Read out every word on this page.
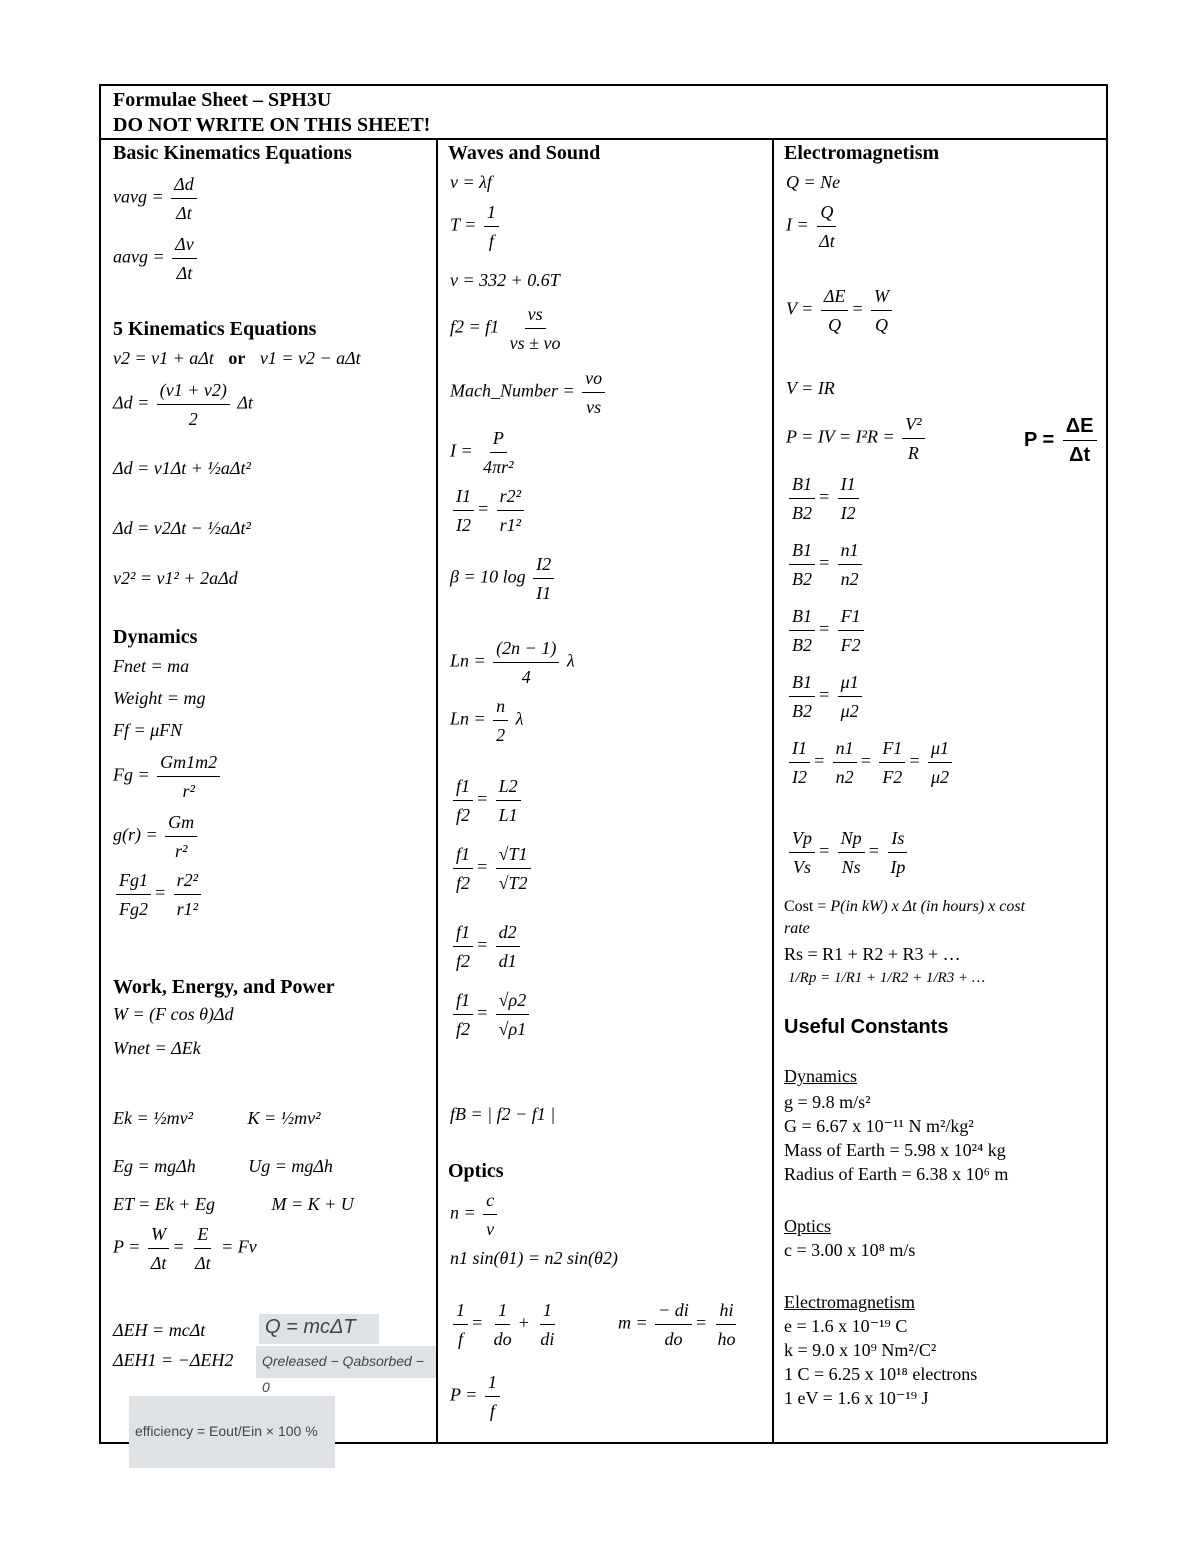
Formulae Sheet – SPH3U
DO NOT WRITE ON THIS SHEET!
Basic Kinematics Equations
vavg = $\frac{\Delta d}{\Delta t}$
aavg = $\frac{\Delta v}{\Delta t}$
5 Kinematics Equations
v2 = v1 + aΔt or v1 = v2 − aΔt
$\Delta d = \frac{(v1 + v2)}{2}$ Δt
Δd = v1Δt + ½aΔt²
Δd = v2Δt − ½aΔt²
v2² = v1² + 2aΔd
Dynamics
Fnet = ma
Weight = mg
Ff = μFN
$Fg = \frac{Gm1m2}{\text{r²}}$
$g(r) = \frac{Gm}{\text{r²}}$
$\frac{Fg1}{Fg2} = \frac{\text{r2²}}{\text{r1²}}$
Work, Energy, and Power
W = (F cos θ)Δd
Wnet = ΔEk
Ek = ½mv²	K = ½mv²
Eg = mgΔh	Ug = mgΔh
ET = Ek + Eg	M = K + U
$P = \frac{W}{\Delta t} = \frac{E}{\Delta t} = Fv$
ΔEH = mcΔt	Q = mcΔT
ΔEH1 = −ΔEH2	Qreleased − Qabsorbed − 0
efficiency = Eout/Ein × 100 %
Waves and Sound
v = λf
$T = \frac{1}{f}$
v = 332 + 0.6T
$f2 = f1 \frac{vs}{vs \pm vo}$
Mach_Number = $\frac{vo}{vs}$
$I = \frac{P}{\text{4πr²}}$
$\frac{I1}{I2} = \frac{\text{r2²}}{\text{r1²}}$
β = 10 $\log \frac{I2}{I1}$
$Ln = \frac{(2n - 1)}{4}$ λ
$Ln = \frac{n}{2}$ λ
$\frac{f1}{f2} = \frac{L2}{L1}$
$\frac{f1}{f2} = \frac{√T1}{√T2}$
$\frac{f1}{f2} = \frac{d2}{d1}$
$\frac{f1}{f2} = \frac{√\rho 2}{√\rho 1}$
fB = | f2 − f1 |
Optics
$n = \frac{c}{v}$
n1 sin(θ1) = n2 sin(θ2)
$\frac{1}{f} = \frac{1}{do} + \frac{1}{di}$	$m = \frac{- di}{do} = \frac{hi}{ho}$
$P = \frac{1}{f}$
Electromagnetism
Q = Ne
$I = \frac{Q}{\Delta t}$
$V = \frac{\Delta E}{Q} = \frac{W}{Q}$
V = IR
P = IV = $I^2R = \frac{\text{V²}}{R}$	$P = \frac{\Delta E}{\Delta t}$
$\frac{B1}{B2} = \frac{I1}{I2}$
$\frac{B1}{B2} = \frac{n1}{n2}$
$\frac{B1}{B2} = \frac{F1}{F2}$
$\frac{B1}{B2} = \frac{\mu 1}{\mu 2}$
$\frac{I1}{I2} = \frac{n1}{n2} = \frac{F1}{F2} = \frac{\mu 1}{\mu 2}$
$\frac{Vp}{Vs} = \frac{Np}{Ns} = \frac{Is}{Ip}$
Cost = P(in kW) x Δt (in hours) x cost
rate
Rs = R1 + R2 + R3 + …
1/Rp = 1/R1 + 1/R2 + 1/R3 + …
Useful Constants
Dynamics
g = 9.8 m/s²
G = 6.67 x 10⁻¹¹ N m²/kg²
Mass of Earth = 5.98 x 10²⁴ kg
Radius of Earth = 6.38 x 10⁶ m
Optics
c = 3.00 x 10⁸ m/s
Electromagnetism
e = 1.6 x 10⁻¹⁹ C
k = 9.0 x 10⁹ Nm²/C²
1 C = 6.25 x 10¹⁸ electrons
1 eV = 1.6 x 10⁻¹⁹ J
